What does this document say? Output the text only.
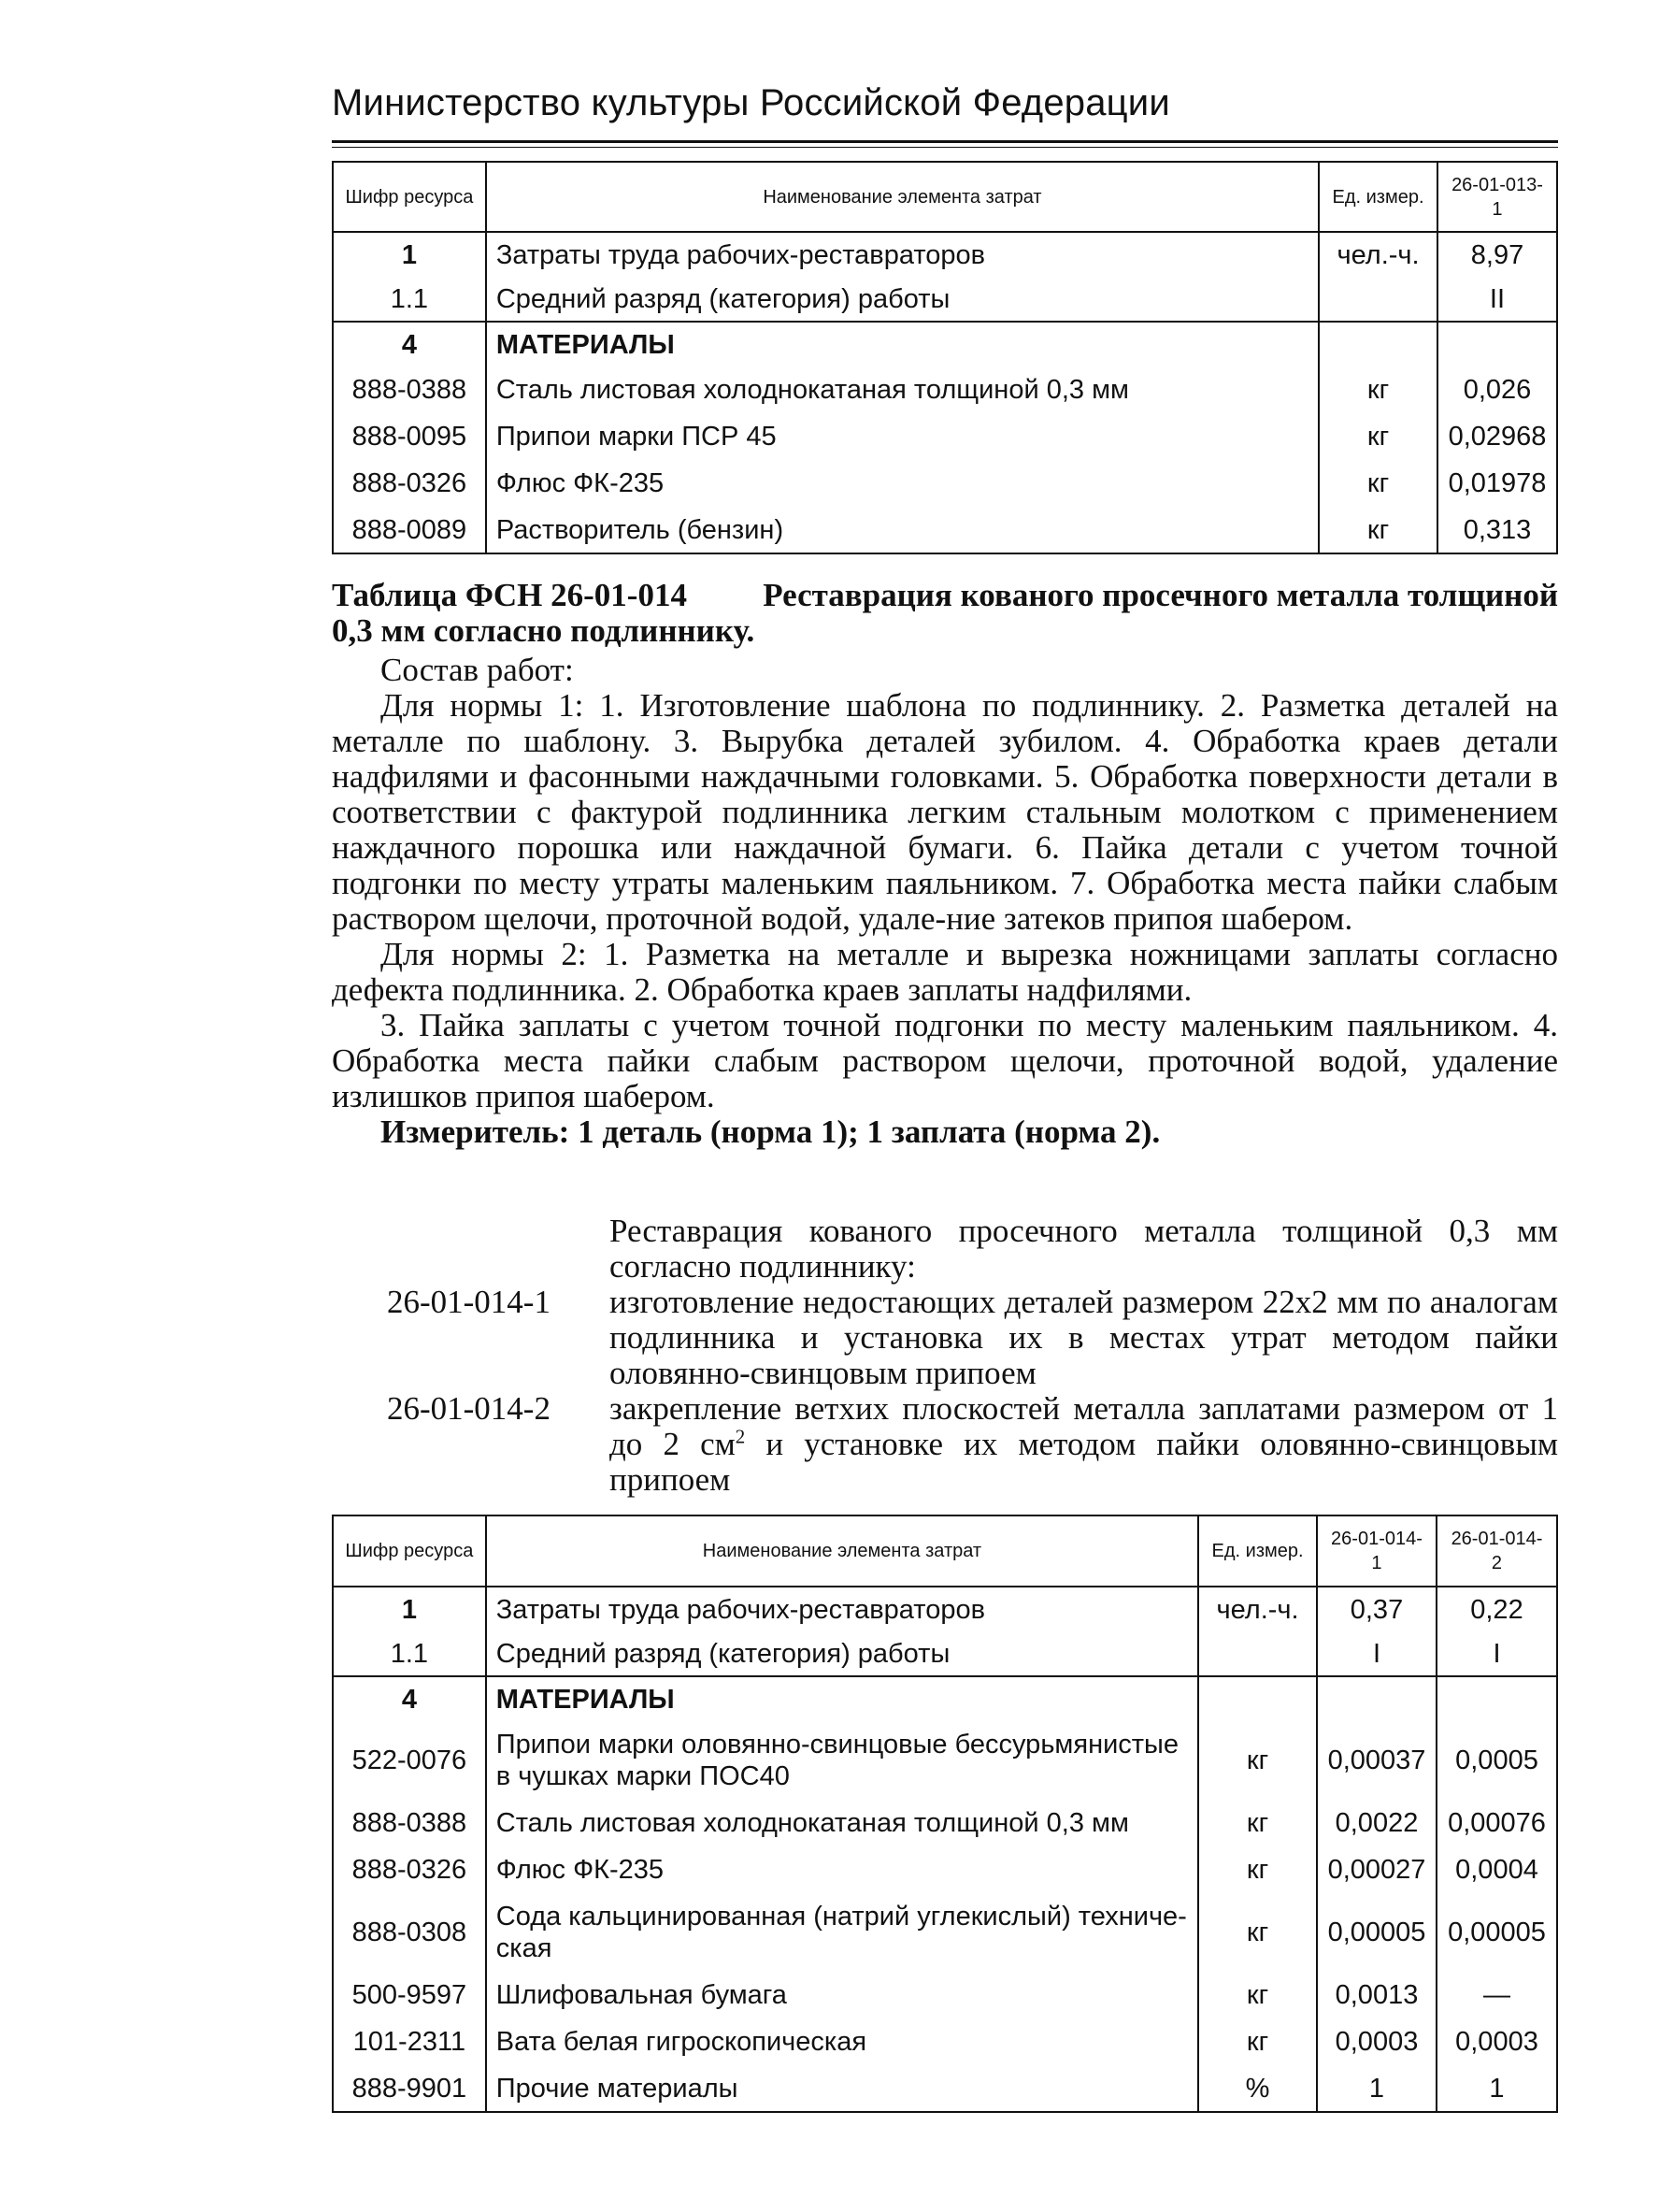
Министерство культуры Российской Федерации
Шифр ресурса	Наименование элемента затрат	Ед. измер.	26-01-013-1
1	Затраты труда рабочих-реставраторов	чел.-ч.	8,97
1.1	Средний разряд (категория) работы		II
4	МАТЕРИАЛЫ		
888-0388	Сталь листовая холоднокатаная толщиной 0,3 мм	кг	0,026
888-0095	Припои марки ПСР 45	кг	0,02968
888-0326	Флюс ФК-235	кг	0,01978
888-0089	Растворитель (бензин)	кг	0,313
Таблица ФСН 26-01-014 Реставрация кованого просечного металла толщиной
0,3 мм согласно подлиннику.
Состав работ:
Для нормы 1: 1. Изготовление шаблона по подлиннику. 2. Разметка деталей на металле по шаблону. 3. Вырубка деталей зубилом. 4. Обработка краев детали надфилями и фасонными наждачными головками. 5. Обработка поверхности детали в соответствии с фактурой подлинника легким стальным молотком с применением наждачного порошка или наждачной бумаги. 6. Пайка детали с учетом точной подгонки по месту утраты маленьким паяльником. 7. Обработка места пайки слабым раствором щелочи, проточной водой, удале-ние затеков припоя шабером.
Для нормы 2: 1. Разметка на металле и вырезка ножницами заплаты согласно дефекта подлинника. 2. Обработка краев заплаты надфилями.
3. Пайка заплаты с учетом точной подгонки по месту маленьким паяльником. 4. Обработка места пайки слабым раствором щелочи, проточной водой, удаление излишков припоя шабером.
Измеритель: 1 деталь (норма 1); 1 заплата (норма 2).
Реставрация кованого просечного металла толщиной 0,3 мм согласно подлиннику:
26-01-014-1 изготовление недостающих деталей размером 22х2 мм по аналогам подлинника и установка их в местах утрат методом пайки оловянно-свинцовым припоем
26-01-014-2 закрепление ветхих плоскостей металла заплатами размером от 1 до 2 $см^2$ и установке их методом пайки оловянно-свинцовым припоем
Шифр ресурса	Наименование элемента затрат	Ед. измер.	26-01-014-1	26-01-014-2
1	Затраты труда рабочих-реставраторов	чел.-ч.	0,37	0,22
1.1	Средний разряд (категория) работы		I	I
4	МАТЕРИАЛЫ			
522-0076	Припои марки оловянно-свинцовые бессурьмянистые в чушках марки ПОС40	кг	0,00037	0,0005
888-0388	Сталь листовая холоднокатаная толщиной 0,3 мм	кг	0,0022	0,00076
888-0326	Флюс ФК-235	кг	0,00027	0,0004
888-0308	Сода кальцинированная (натрий углекислый) техниче-ская	кг	0,00005	0,00005
500-9597	Шлифовальная бумага	кг	0,0013	—
101-2311	Вата белая гигроскопическая	кг	0,0003	0,0003
888-9901	Прочие материалы	%	1	1
